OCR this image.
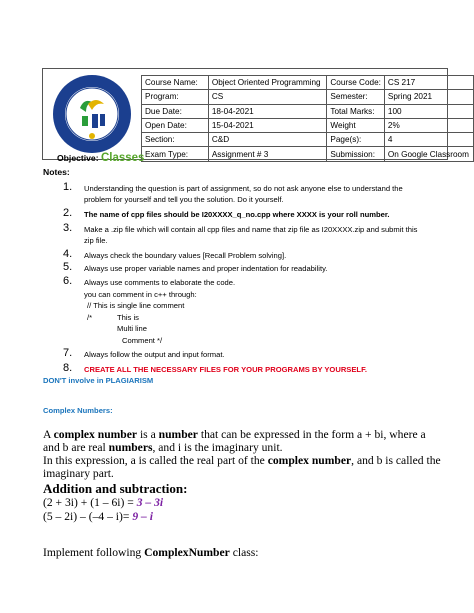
Course Name:	Object Oriented Programming	Course Code:	CS 217
Program:	CS	Semester:	Spring 2021
Due Date:	18-04-2021	Total Marks:	100
Open Date:	15-04-2021	Weight	2%
Section:	C&D	Page(s):	4
Exam Type:	Assignment # 3	Submission:	On Google Classroom
Objective: Classes
Notes:
1. Understanding the question is part of assignment, so do not ask anyone else to understand the problem for yourself and tell you the solution. Do it yourself.
2. The name of cpp files should be I20XXXX_q_no.cpp where XXXX is your roll number.
3. Make a .zip file which will contain all cpp files and name that zip file as I20XXXX.zip and submit this zip file.
4. Always check the boundary values [Recall Problem solving].
5. Always use proper variable names and proper indentation for readability.
6. Always use comments to elaborate the code.
you can comment in c++ through:
// This is single line comment
/*	This is
Multi line
Comment */
7. Always follow the output and input format.
8. CREATE ALL THE NECESSARY FILES FOR YOUR PROGRAMS BY YOURSELF.
DON'T involve in PLAGIARISM
Complex Numbers:
A complex number is a number that can be expressed in the form a + bi, where a and b are real numbers, and i is the imaginary unit.
In this expression, a is called the real part of the complex number, and b is called the imaginary part.
Addition and subtraction:
(2 + 3i) + (1 – 6i) = 3 – 3i
(5 – 2i) – (–4 – i)= 9 – i
Implement following ComplexNumber class:
